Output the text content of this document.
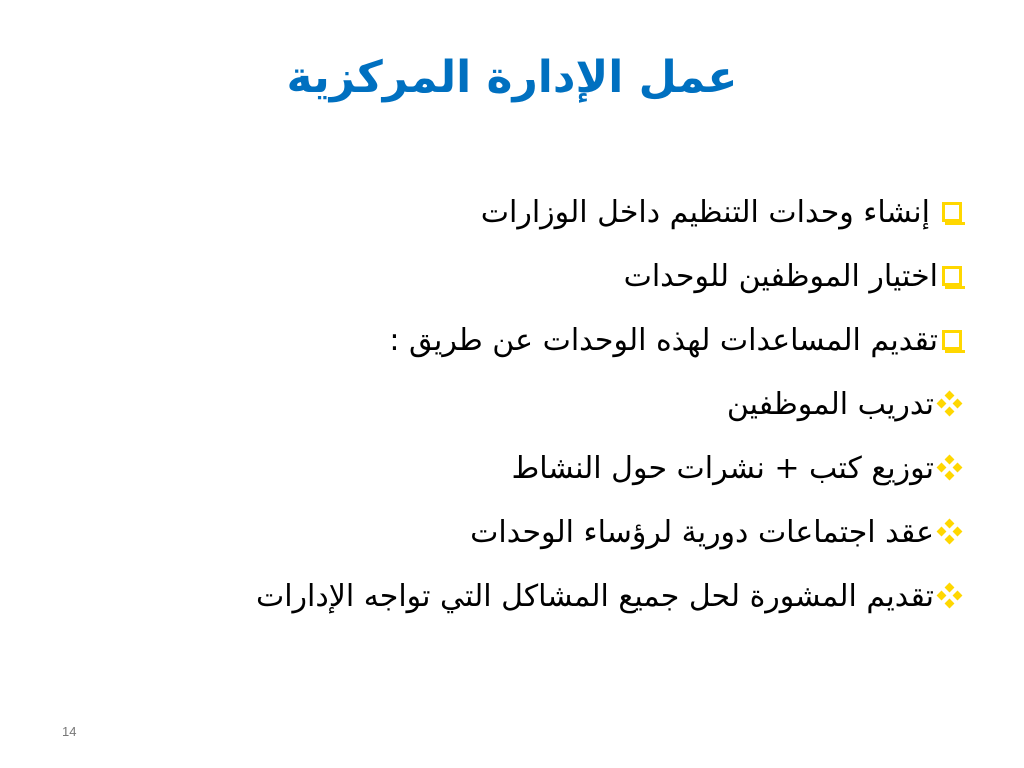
عمل الإدارة المركزية
إنشاء وحدات التنظيم داخل الوزارات
اختيار الموظفين للوحدات
تقديم المساعدات لهذه الوحدات عن طريق :
تدريب الموظفين
توزيع كتب + نشرات حول النشاط
عقد اجتماعات دورية لرؤساء الوحدات
تقديم المشورة لحل جميع المشاكل التي تواجه الإدارات
14
